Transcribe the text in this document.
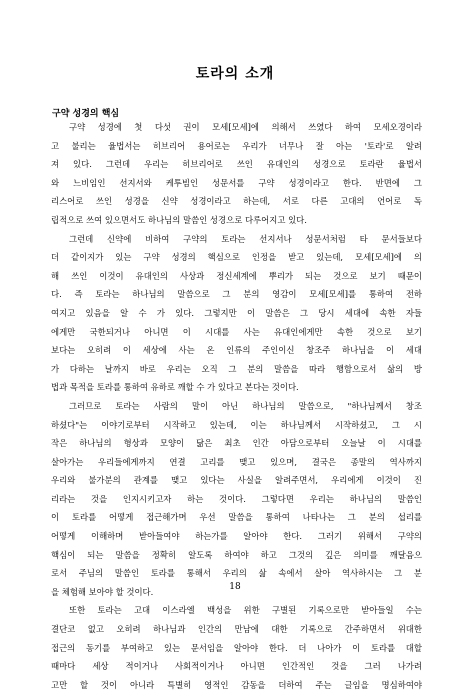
토라의 소개
구약 성경의 핵심
구약 성경에 첫 다섯 권이 모세[모세]에 의해서 쓰였다 하여 모세오경이라
고 불리는 율법서는 히브리어 용어로는 우리가 너무나 잘 아는 '토라'로 알려
져 있다. 그런데 우리는 히브리어로 쓰인 유대인의 성경으로 토라란 율법서
와 느비임인 선지서와 케투빔인 성문서를 구약 성경이라고 한다. 반면에 그
리스어로 쓰인 성경을 신약 성경이라고 하는데, 서로 다른 고대의 언어로 독
립적으로 쓰여 있으면서도 하나님의 말씀인 성경으로 다루어지고 있다.
그런데 신약에 비하여 구약의 토라는 선지서나 성문서처럼 타 문서들보다
더 같이지가 있는 구약 성경의 핵심으로 인정을 받고 있는데, 모세[모세]에 의
해 쓰인 이것이 유대인의 사상과 정신세계에 뿌리가 되는 것으로 보기 때문이
다. 즉 토라는 하나님의 말씀으로 그 분의 영감이 모세[모세]를 통하여 전하
여지고 있음을 알 수 가 있다. 그렇지만 이 말씀은 그 당시 세대에 속한 자들
에게만 국한되거나 아니면 이 시대를 사는 유대인에게만 속한 것으로 보기
보다는 오히려 이 세상에 사는 온 인류의 주인이신 창조주 하나님을 이 세대
가 다하는 날까지 바로 우리는 오직 그 분의 말씀을 따라 행함으로서 삶의 방
법과 목적을 토라를 통하여 유하로 깨할 수 가 있다고 본다는 것이다.
그러므로 토라는 사람의 말이 아닌 하나님의 말씀으로, "하나님께서 창조
하셨다"는 이야기로부터 시작하고 있는데, 이는 하나님께서 시작하셨고, 그 시
작은 하나님의 형상과 모양이 닮은 최초 인간 아담으로부터 오늘날 이 시대를
살아가는 우리들에게까지 연결 고리를 맺고 있으며, 결국은 종말의 역사까지
우리와 불가분의 관계를 맺고 있다는 사실을 알려주면서, 우리에게 이것이 진
리라는 것을 인지시키고자 하는 것이다. 그렇다면 우리는 하나님의 말씀인
이 토라를 어떻게 접근해가며 우선 말씀을 통하여 나타나는 그 분의 섭리를
어떻게 이해하며 받아들여야 하는가를 알아야 한다. 그러기 위해서 구약의
핵심이 되는 말씀을 정확히 알도록 하여야 하고 그것의 깊은 의미를 깨달음으
로서 주님의 말씀인 토라를 통해서 우리의 삶 속에서 살아 역사하시는 그 분
을 체험해 보아야 할 것이다.
또한 토라는 고대 이스라엘 백성을 위한 구별된 기록으로만 받아들일 수는
결단코 없고 오히려 하나님과 인간의 만남에 대한 기록으로 간주하면서 위대한
접근의 동기를 부여하고 있는 문서임을 알아야 한다. 더 나아가 이 토라를 대할
때마다 세상 적이거나 사회적이거나 아니면 인간적인 것을 그러 나가려
고만 할 것이 아니라 특별히 영적인 감동을 더하여 주는 글임을 명심하여야
18
